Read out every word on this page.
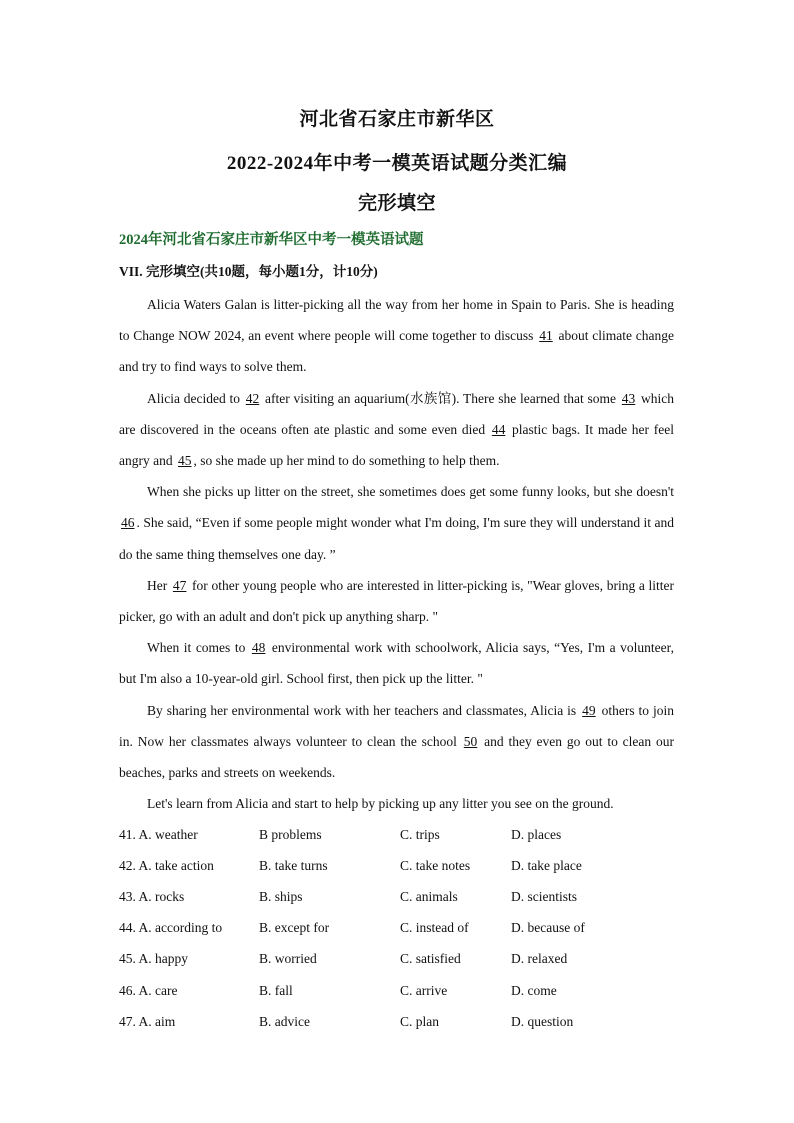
河北省石家庄市新华区
2022-2024年中考一模英语试题分类汇编
完形填空
2024年河北省石家庄市新华区中考一模英语试题
VII. 完形填空(共10题，每小题1分，计10分)

Alicia Waters Galan is litter-picking all the way from her home in Spain to Paris. She is heading to Change NOW 2024, an event where people will come together to discuss 41 about climate change and try to find ways to solve them.

Alicia decided to 42 after visiting an aquarium(水族馆). There she learned that some 43 which are discovered in the oceans often ate plastic and some even died 44 plastic bags. It made her feel angry and 45 , so she made up her mind to do something to help them.

When she picks up litter on the street, she sometimes does get some funny looks, but she doesn't 46 . She said, “Even if some people might wonder what I'm doing, I'm sure they will understand it and do the same thing themselves one day. ”

Her 47 for other young people who are interested in litter-picking is, "Wear gloves, bring a litter picker, go with an adult and don't pick up anything sharp. "

When it comes to 48 environmental work with schoolwork, Alicia says, “Yes, I'm a volunteer, but I'm also a 10-year-old girl. School first, then pick up the litter. "

By sharing her environmental work with her teachers and classmates, Alicia is 49 others to join in. Now her classmates always volunteer to clean the school 50 and they even go out to clean our beaches, parks and streets on weekends.

Let's learn from Alicia and start to help by picking up any litter you see on the ground.

41. A. weather	B problems	C. trips	D. places
42. A. take action	B. take turns	C. take notes	D. take place
43. A. rocks	B. ships	C. animals	D. scientists
44. A. according to	B. except for	C. instead of	D. because of
45. A. happy	B. worried	C. satisfied	D. relaxed
46. A. care	B. fall	C. arrive	D. come
47. A. aim	B. advice	C. plan	D. question
